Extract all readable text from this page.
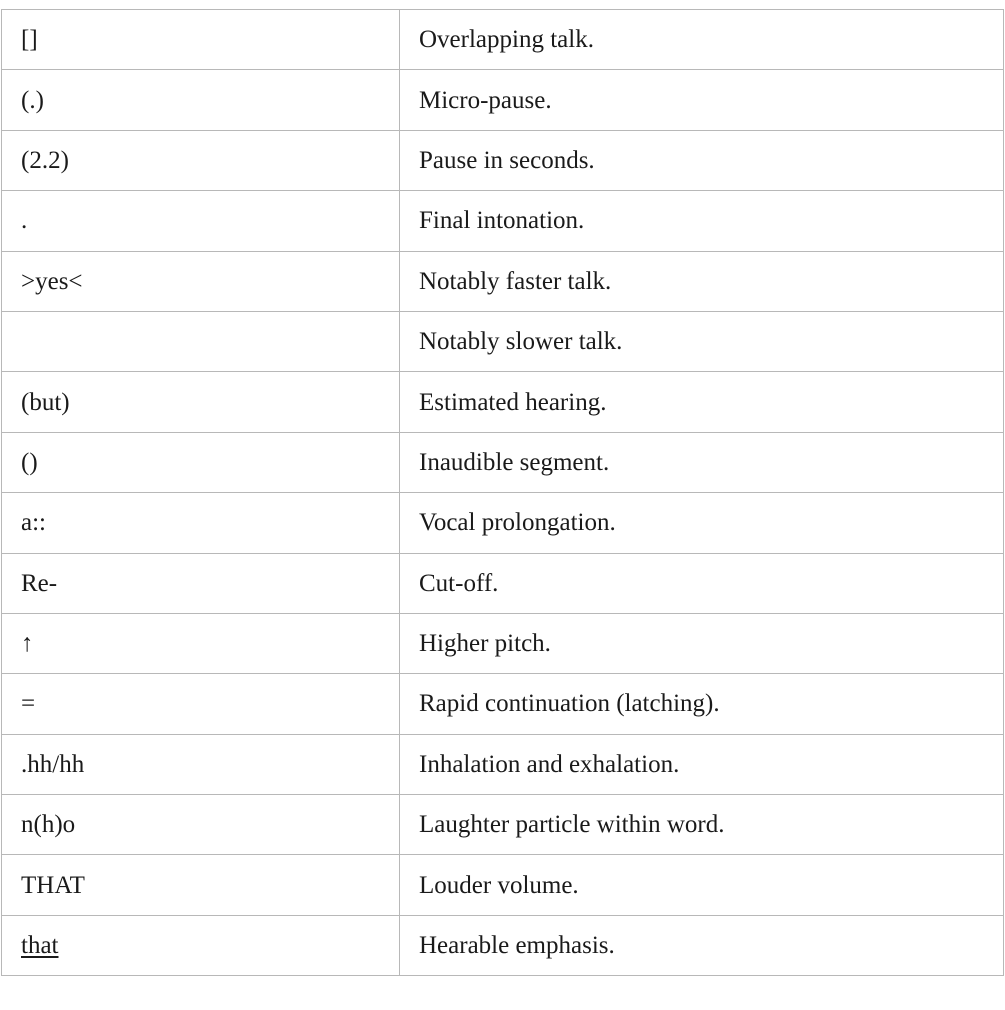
[]	Overlapping talk.
(.)	Micro-pause.
(2.2)	Pause in seconds.
.	Final intonation.
>yes<	Notably faster talk.
	Notably slower talk.
(but)	Estimated hearing.
()	Inaudible segment.
a::	Vocal prolongation.
Re-	Cut-off.
↑	Higher pitch.
=	Rapid continuation (latching).
.hh/hh	Inhalation and exhalation.
n(h)o	Laughter particle within word.
THAT	Louder volume.
that	Hearable emphasis.
